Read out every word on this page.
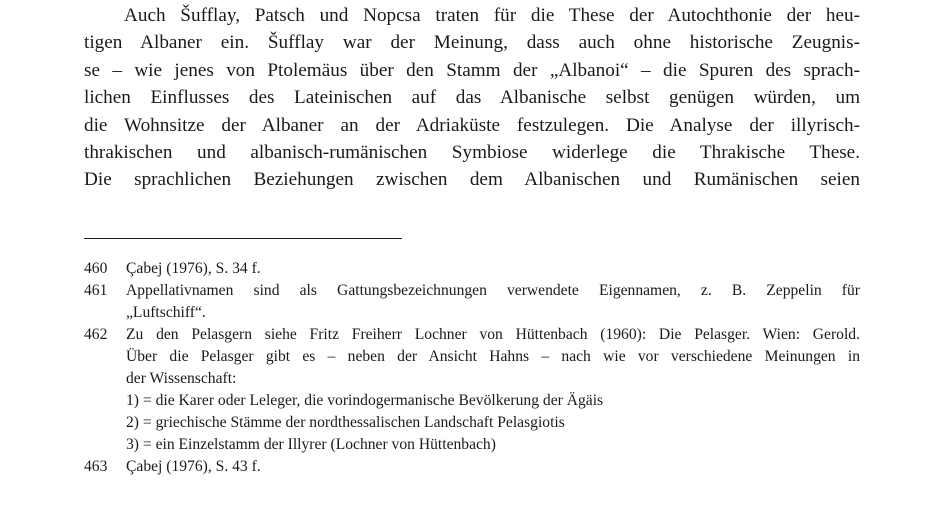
Auch Šufflay, Patsch und Nopcsa traten für die These der Autochthonie der heu-
tigen Albaner ein. Šufflay war der Meinung, dass auch ohne historische Zeugnis-
se – wie jenes von Ptolemäus über den Stamm der „Albanoi“ – die Spuren des sprach-
lichen Einflusses des Lateinischen auf das Albanische selbst genügen würden, um
die Wohnsitze der Albaner an der Adriaküste festzulegen. Die Analyse der illyrisch-
thrakischen und albanisch-rumänischen Symbiose widerlege die Thrakische These.
Die sprachlichen Beziehungen zwischen dem Albanischen und Rumänischen seien
460	Çabej (1976), S. 34 f.
461	Appellativnamen sind als Gattungsbezeichnungen verwendete Eigennamen, z. B. Zeppelin für
„Luftschiff“.
462	Zu den Pelasgern siehe Fritz Freiherr Lochner von Hüttenbach (1960): Die Pelasger. Wien: Gerold.
Über die Pelasger gibt es – neben der Ansicht Hahns – nach wie vor verschiedene Meinungen in
der Wissenschaft:
1) = die Karer oder Leleger, die vorindogermanische Bevölkerung der Ägäis
2) = griechische Stämme der nordthessalischen Landschaft Pelasgiotis
3) = ein Einzelstamm der Illyrer (Lochner von Hüttenbach)
463	Çabej (1976), S. 43 f.
